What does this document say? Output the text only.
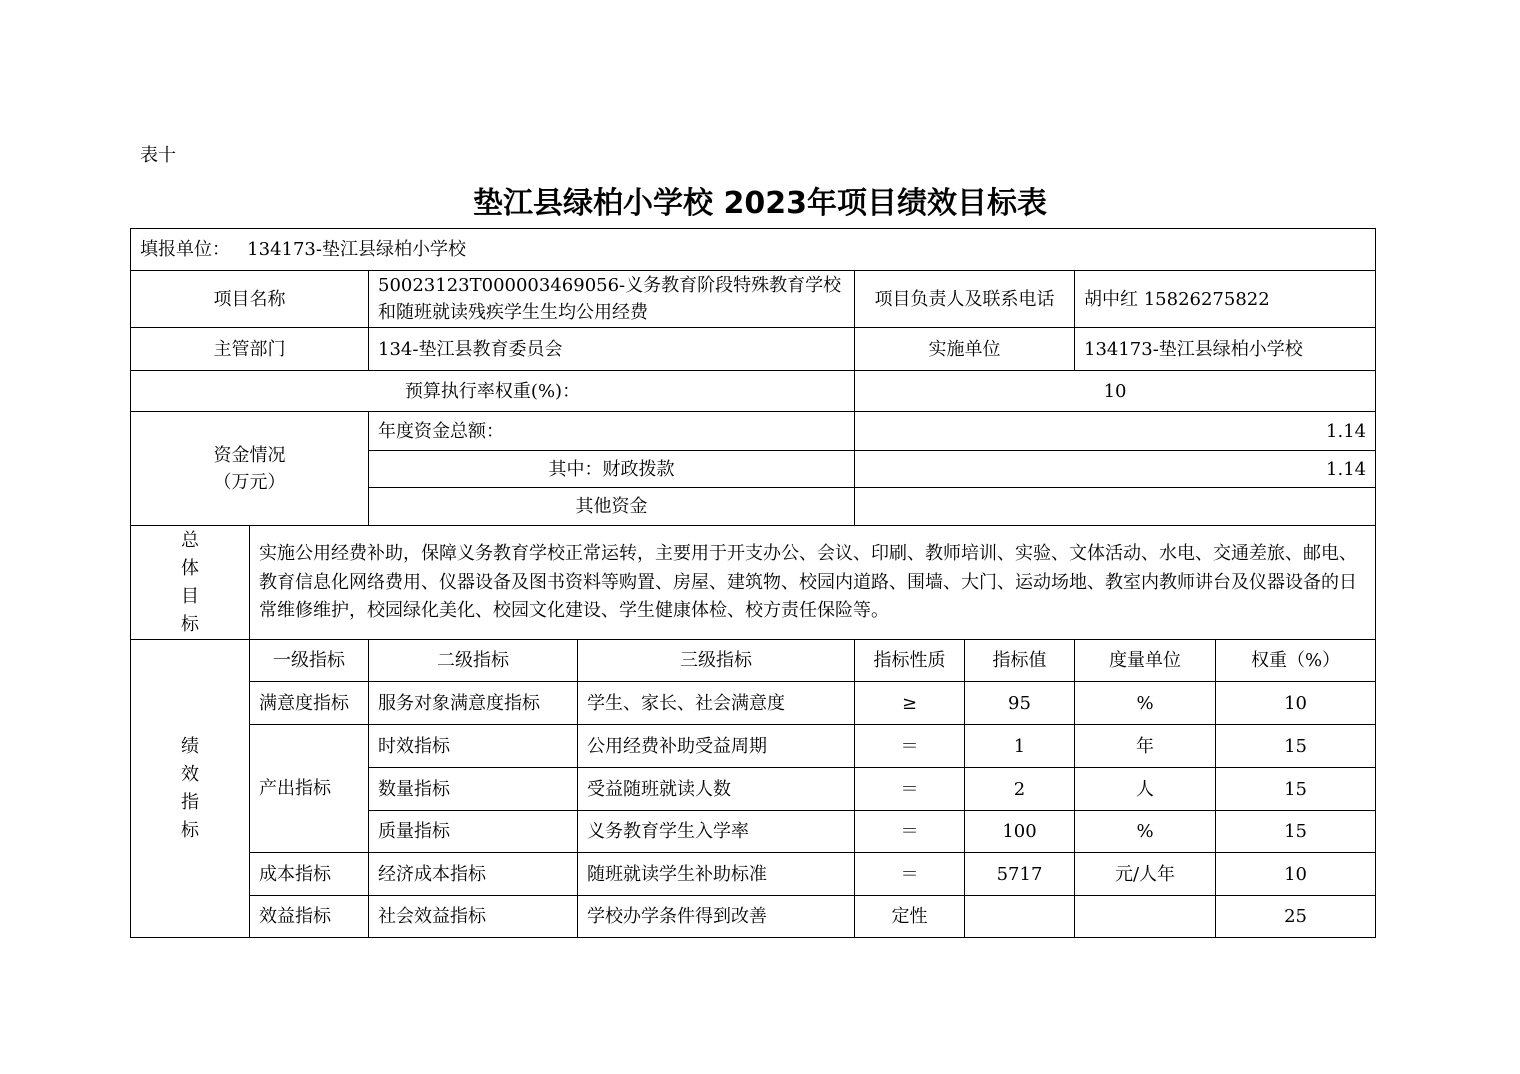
表十
垫江县绿柏小学校 2023年项目绩效目标表
填报单位： 134173-垫江县绿柏小学校							
项目名称		50023123T000003469056-义务教育阶段特殊教育学校和随班就读残疾学生生均公用经费		项目负责人及联系电话		胡中红 15826275822	
主管部门		134-垫江县教育委员会		实施单位		134173-垫江县绿柏小学校	
预算执行率权重(%)：				10			
资金情况
（万元）		年度资金总额：		1.14			
		其中：财政拨款		1.14			
		其他资金					

总
体
目
标	实施公用经费补助，保障义务教育学校正常运转，主要用于开支办公、会议、印刷、教师培训、实验、文体活动、水电、交通差旅、邮电、教育信息化网络费用、仪器设备及图书资料等购置、房屋、建筑物、校园内道路、围墙、大门、运动场地、教室内教师讲台及仪器设备的日常维修维护，校园绿化美化、校园文化建设、学生健康体检、校方责任保险等。						

绩
效
指
标	一级指标	二级指标	三级指标	指标性质	指标值	度量单位	权重（%）
	满意度指标	服务对象满意度指标	学生、家长、社会满意度	≥	95	%	10
	产出指标	时效指标	公用经费补助受益周期	＝	1	年	15
		数量指标	受益随班就读人数	＝	2	人	15
		质量指标	义务教育学生入学率	＝	100	%	15
	成本指标	经济成本指标	随班就读学生补助标准	＝	5717	元/人年	10
	效益指标	社会效益指标	学校办学条件得到改善	定性			25
